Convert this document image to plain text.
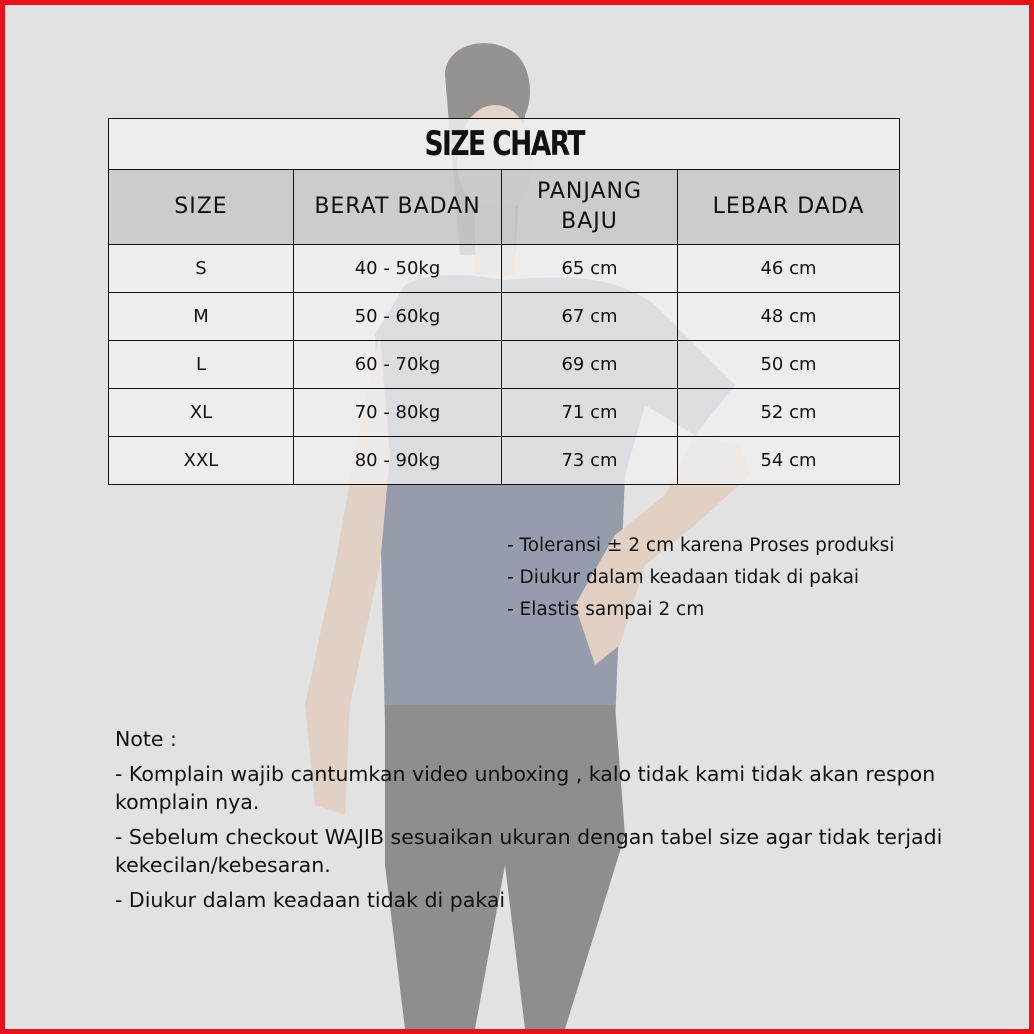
SIZE CHART			
SIZE	BERAT BADAN	PANJANG BAJU	LEBAR DADA
S	40 - 50kg	65 cm	46 cm
M	50 - 60kg	67 cm	48 cm
L	60 - 70kg	69 cm	50 cm
XL	70 - 80kg	71 cm	52 cm
XXL	80 - 90kg	73 cm	54 cm
- Toleransi ± 2 cm karena Proses produksi
- Diukur dalam keadaan tidak di pakai
- Elastis sampai 2 cm
Note :
- Komplain wajib cantumkan video unboxing , kalo tidak kami tidak akan respon komplain nya.
- Sebelum checkout WAJIB sesuaikan ukuran dengan tabel size agar tidak terjadi kekecilan/kebesaran.
- Diukur dalam keadaan tidak di pakai
